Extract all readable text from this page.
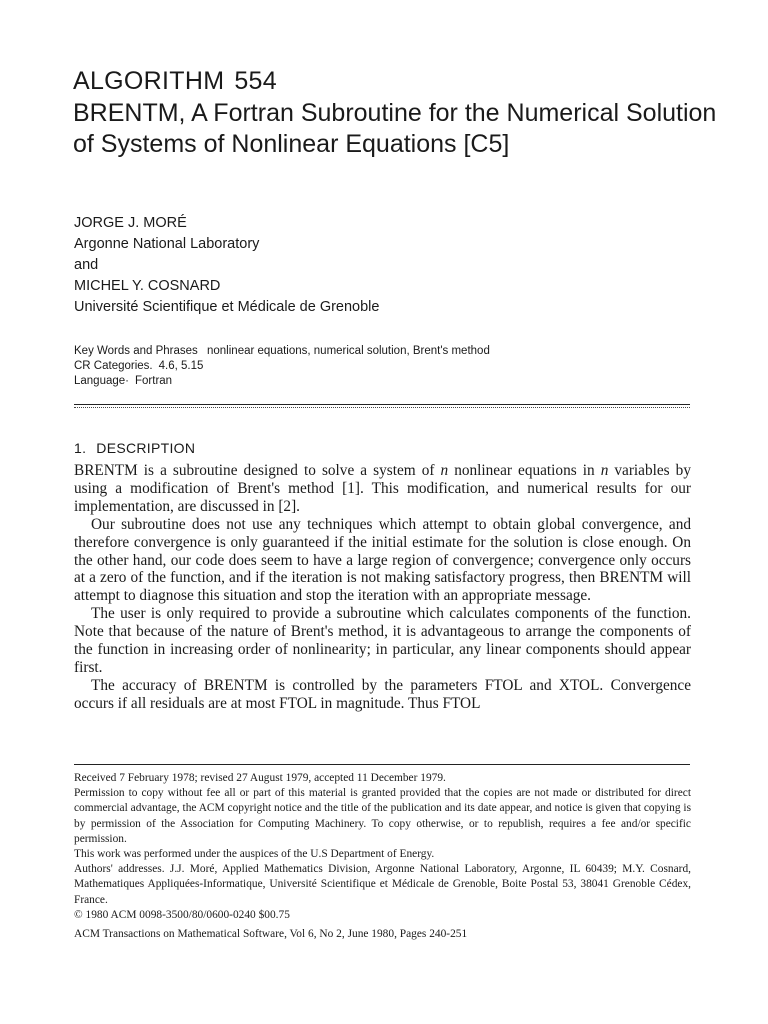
ALGORITHM 554

BRENTM, A Fortran Subroutine for the Numerical Solution of Systems of Nonlinear Equations [C5]
JORGE J. MORÉ
Argonne National Laboratory
and
MICHEL Y. COSNARD
Université Scientifique et Médicale de Grenoble
Key Words and Phrases nonlinear equations, numerical solution, Brent's method
CR Categories. 4.6, 5.15
Language· Fortran
1. DESCRIPTION

BRENTM is a subroutine designed to solve a system of n nonlinear equations in n variables by using a modification of Brent's method [1]. This modification, and numerical results for our implementation, are discussed in [2].

Our subroutine does not use any techniques which attempt to obtain global convergence, and therefore convergence is only guaranteed if the initial estimate for the solution is close enough. On the other hand, our code does seem to have a large region of convergence; convergence only occurs at a zero of the function, and if the iteration is not making satisfactory progress, then BRENTM will attempt to diagnose this situation and stop the iteration with an appropriate message.

The user is only required to provide a subroutine which calculates components of the function. Note that because of the nature of Brent's method, it is advantageous to arrange the components of the function in increasing order of nonlinearity; in particular, any linear components should appear first.

The accuracy of BRENTM is controlled by the parameters FTOL and XTOL. Convergence occurs if all residuals are at most FTOL in magnitude. Thus FTOL

Received 7 February 1978; revised 27 August 1979, accepted 11 December 1979.

Permission to copy without fee all or part of this material is granted provided that the copies are not made or distributed for direct commercial advantage, the ACM copyright notice and the title of the publication and its date appear, and notice is given that copying is by permission of the Association for Computing Machinery. To copy otherwise, or to republish, requires a fee and/or specific permission.

This work was performed under the auspices of the U.S Department of Energy.

Authors' addresses. J.J. Moré, Applied Mathematics Division, Argonne National Laboratory, Argonne, IL 60439; M.Y. Cosnard, Mathematiques Appliquées-Informatique, Université Scientifique et Médicale de Grenoble, Boite Postal 53, 38041 Grenoble Cédex, France.

© 1980 ACM 0098-3500/80/0600-0240 $00.75

ACM Transactions on Mathematical Software, Vol 6, No 2, June 1980, Pages 240-251
